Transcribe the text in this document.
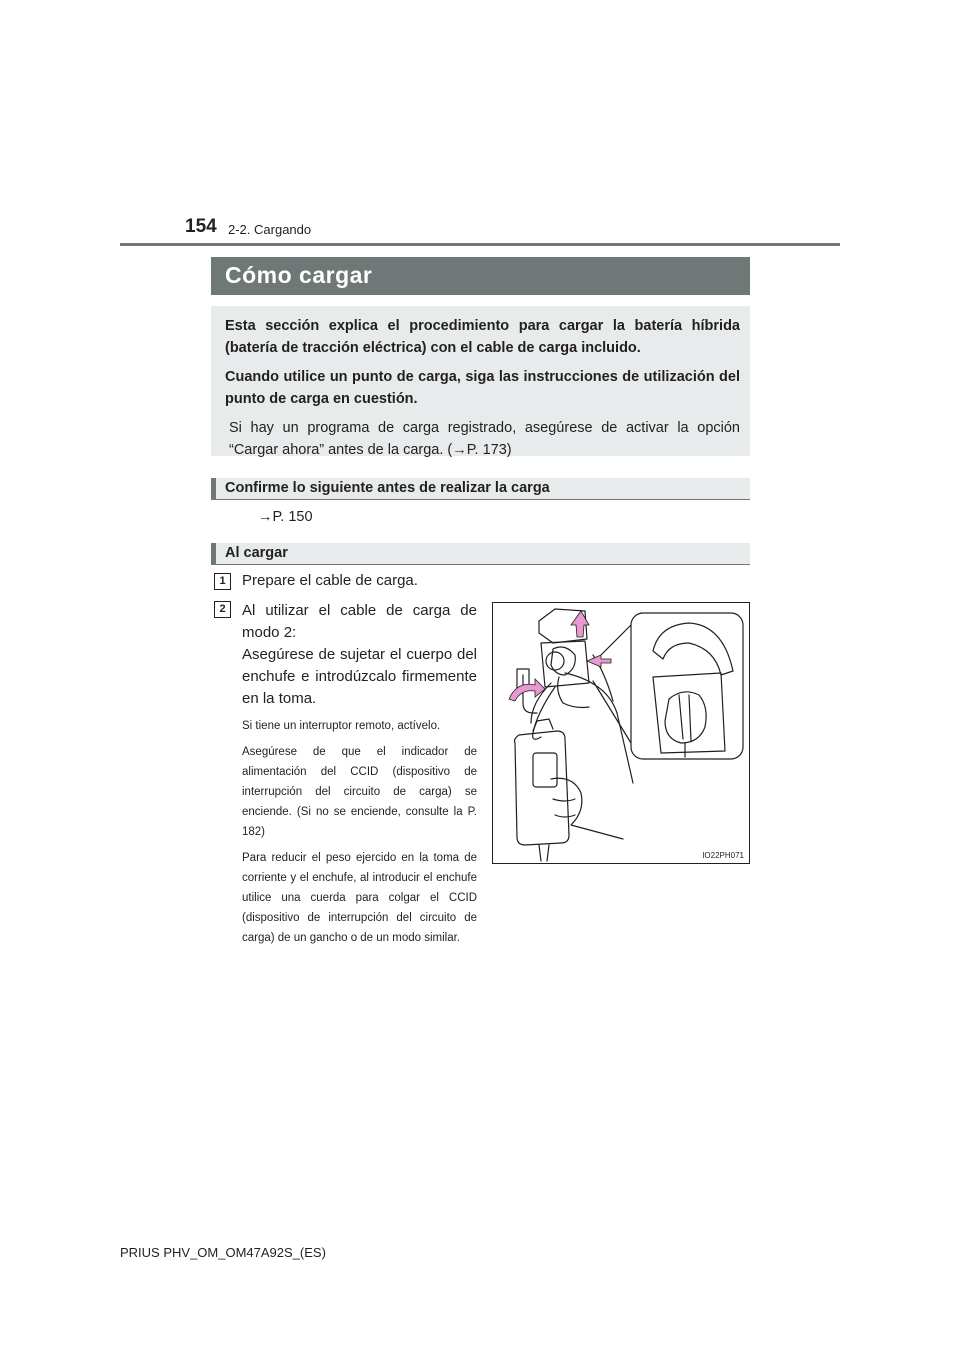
154 2-2. Cargando
Cómo cargar

Esta sección explica el procedimiento para cargar la batería híbrida (batería de tracción eléctrica) con el cable de carga incluido.

Cuando utilice un punto de carga, siga las instrucciones de utilización del punto de carga en cuestión.

Si hay un programa de carga registrado, asegúrese de activar la opción “Cargar ahora” antes de la carga. (→P. 173)

Confirme lo siguiente antes de realizar la carga
→P. 150
Al cargar
1	Prepare el cable de carga.
2	Al utilizar el cable de carga de

modo 2:

Asegúrese de sujetar el cuerpo del enchufe e introdúzcalo firmemente en la toma.

Si tiene un interruptor remoto, actívelo.

Asegúrese de que el indicador de alimentación del CCID (dispositivo de interrupción del circuito de carga) se enciende. (Si no se enciende, consulte la P. 182)

Para reducir el peso ejercido en la toma de corriente y el enchufe, al introducir el enchufe utilice una cuerda para colgar el CCID (dispositivo de interrupción del circuito de carga) de un gancho o de un modo similar.

IO22PH071
PRIUS PHV_OM_OM47A92S_(ES)
